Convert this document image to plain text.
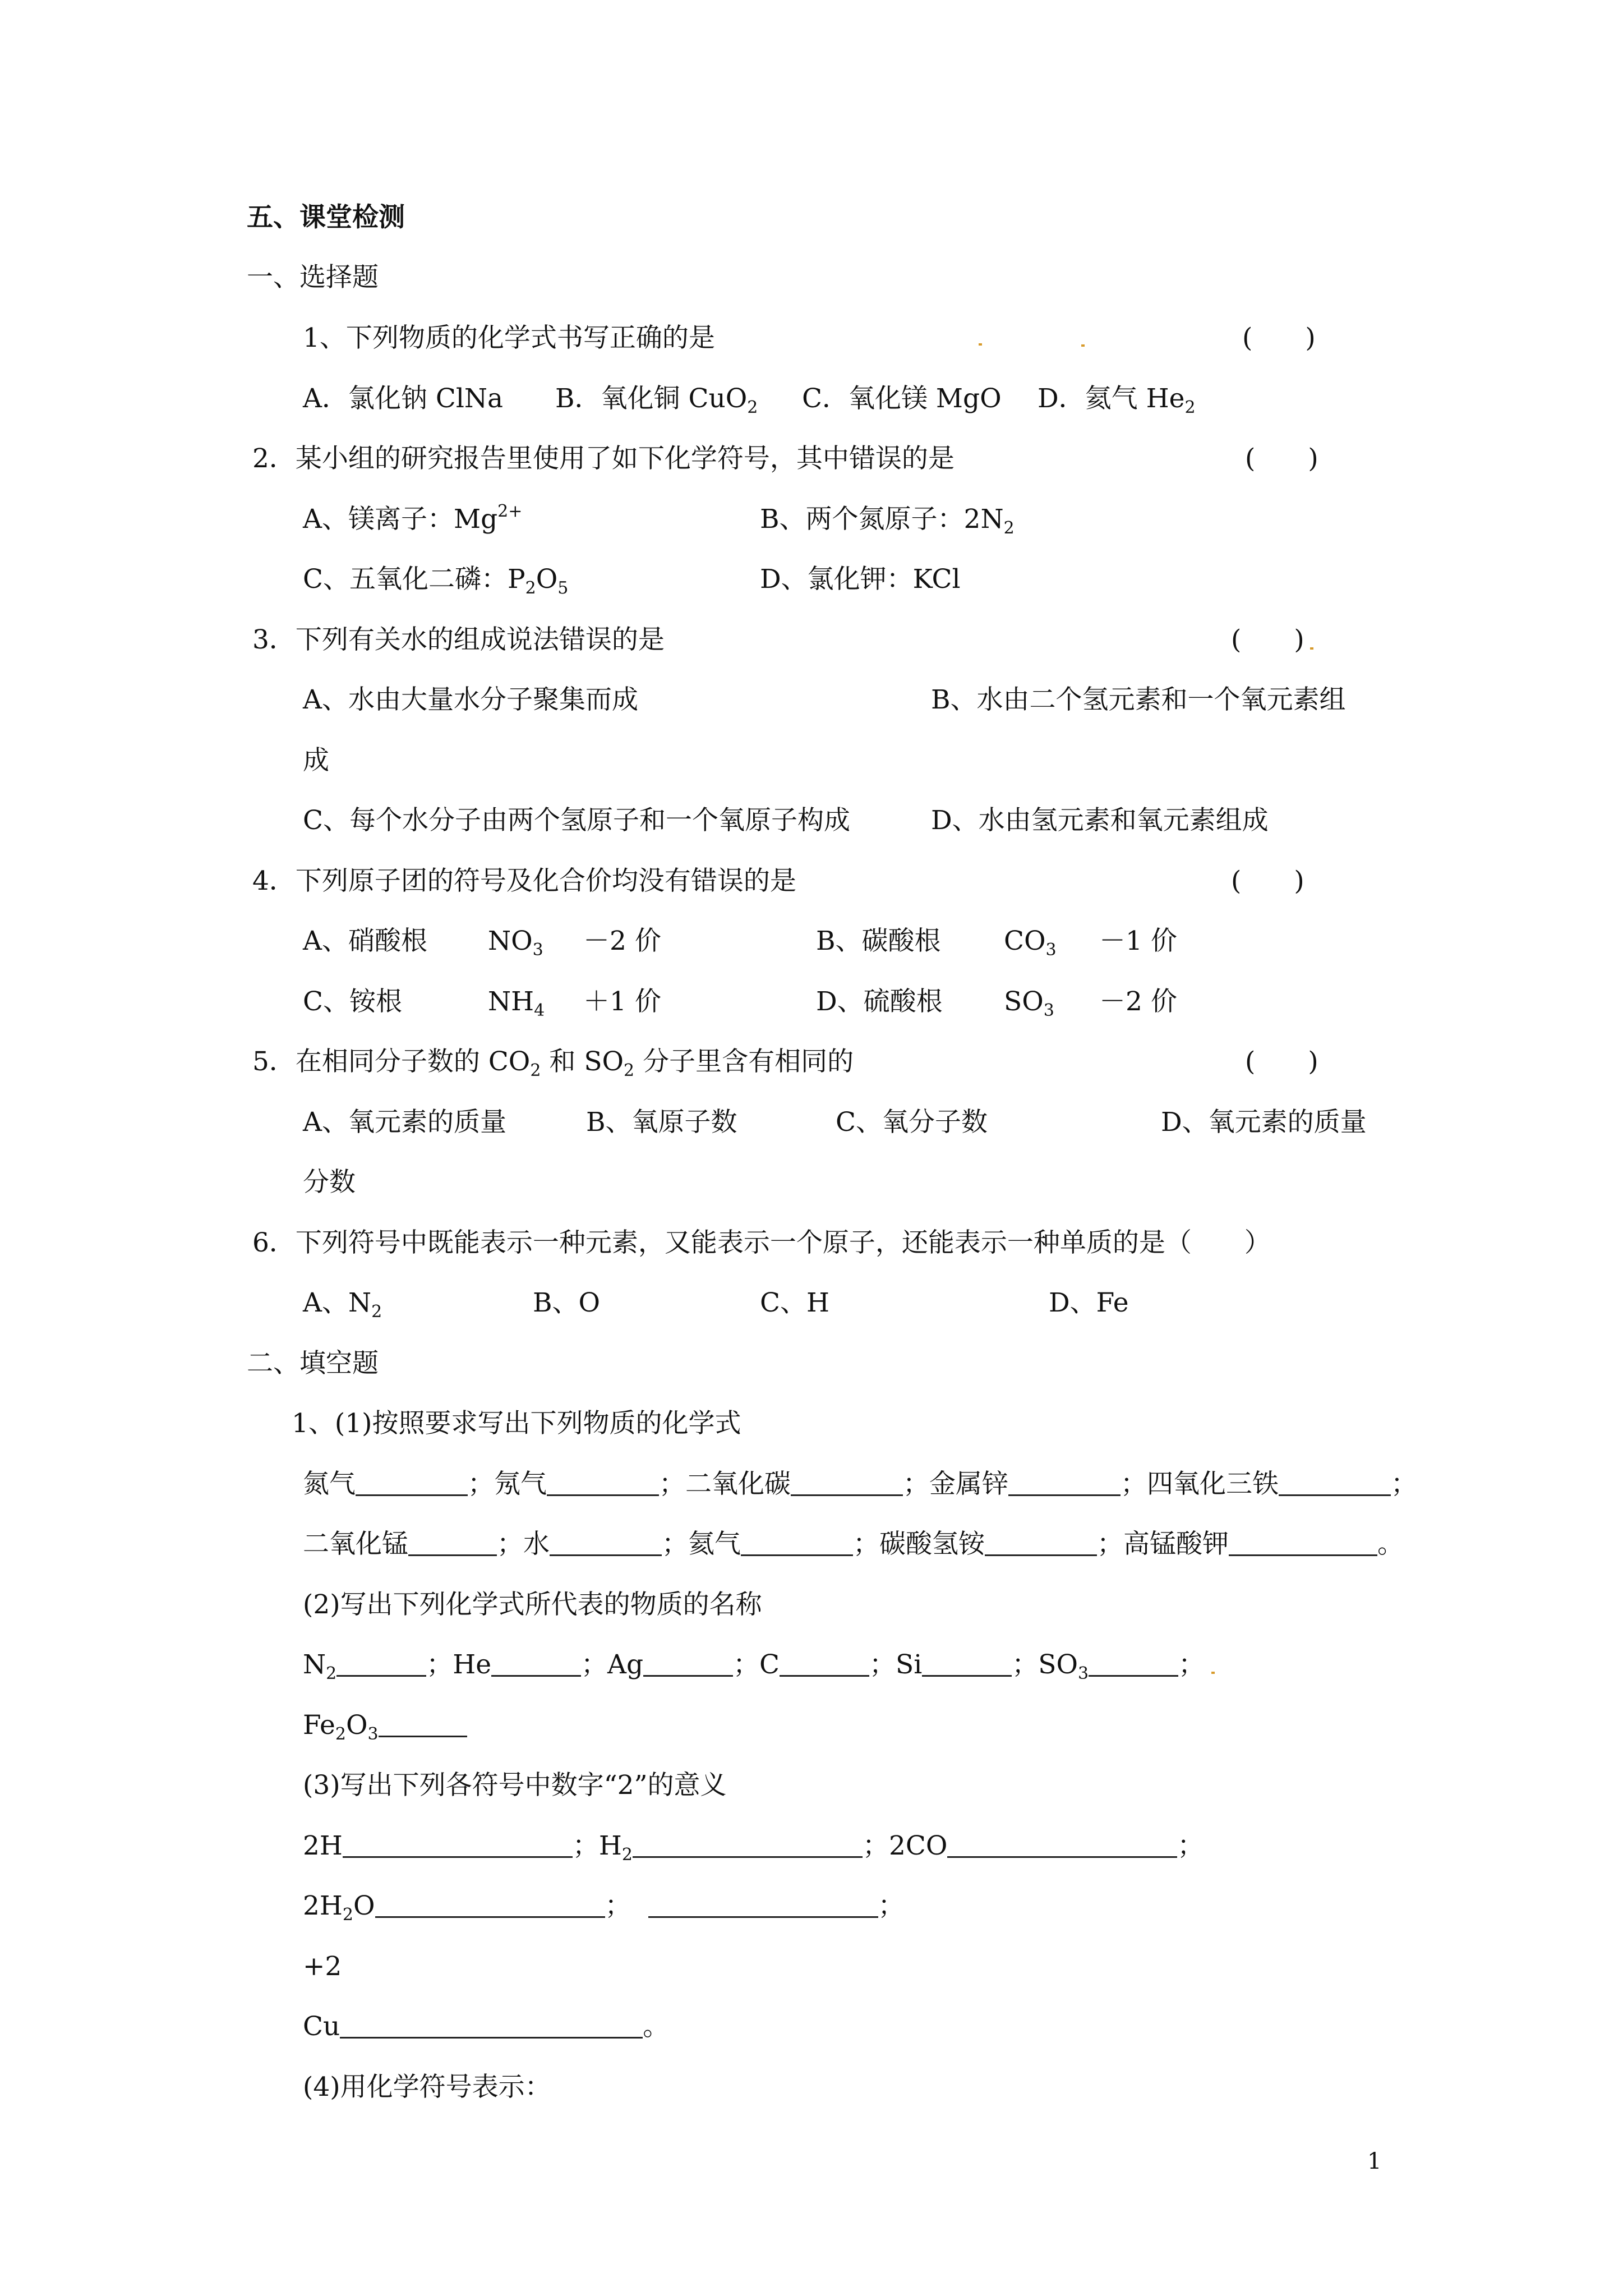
五、课堂检测
一、选择题
1、下列物质的化学式书写正确的是	(　　)
A．氯化钠 ClNa B．氧化铜 CuO$_2$ C．氧化镁 MgO D．氦气 $He_2$
2．某小组的研究报告里使用了如下化学符号，其中错误的是	(　　)
A、镁离子：$Mg^{2+}$	B、两个氮原子：$2N_2$
C、五氧化二磷：$P_2O_5$	D、氯化钾：KCl
3．下列有关水的组成说法错误的是	(　　)
A、水由大量水分子聚集而成	B、水由二个氢元素和一个氧元素组
成
C、每个水分子由两个氢原子和一个氧原子构成	D、水由氢元素和氧元素组成
4．下列原子团的符号及化合价均没有错误的是	(　　)
A、硝酸根 $NO_3 -2$ 价	B、碳酸根 $CO_3 -1$ 价
C、铵根	$NH_4 +1$ 价	D、硫酸根 $SO_3 -2$ 价
5．在相同分子数的 $CO_2$ 和 $SO_2$ 分子里含有相同的	(　　)
A、氧元素的质量	B、氧原子数	C、氧分子数	D、氧元素的质量
分数
6．下列符号中既能表示一种元素，又能表示一个原子，还能表示一种单质的是（　　）
A、$N_2$	B、O	C、H	D、Fe
二、填空题
1、(1)按照要求写出下列物质的化学式
氮气	；氖气	；二氧化碳	；金属锌	；四氧化三铁	；
二氧化锰	；水	；氦气	；碳酸氢铵	；高锰酸钾	。
(2)写出下列化学式所代表的物质的名称
$N_2$	；He	；Ag	；C	；Si	；$SO_3$	；
$Fe_2O_3$
(3)写出下列各符号中数字“2”的意义
2H	；$H_2$	；2CO	；
$2H_2O$	；	；
+2
Cu	。
(4)用化学符号表示：
1
